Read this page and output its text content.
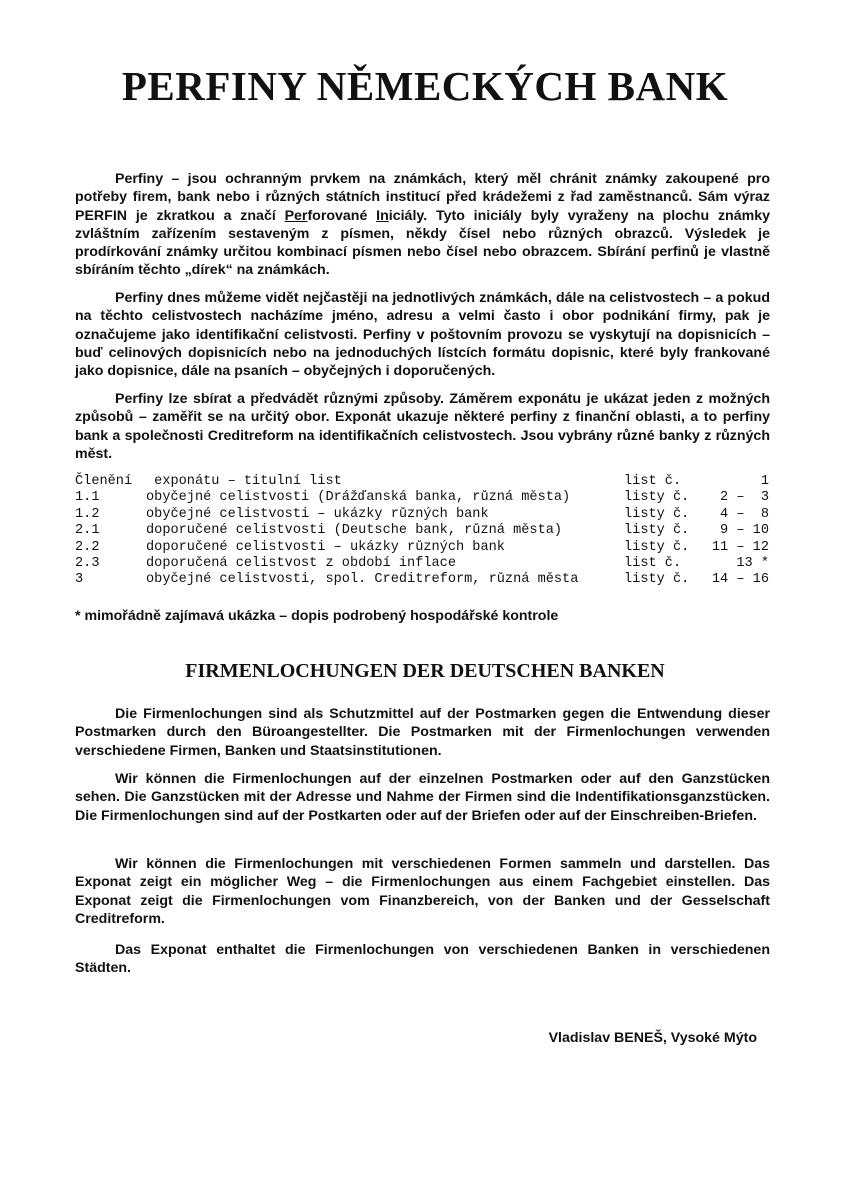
PERFINY NĚMECKÝCH BANK

Perfiny – jsou ochranným prvkem na známkách, který měl chránit známky zakoupené pro potřeby firem, bank nebo i různých státních institucí před krádežemi z řad zaměstnanců. Sám výraz PERFIN je zkratkou a značí Perforované Iniciály. Tyto iniciály byly vyraženy na plochu známky zvláštním zařízením sestaveným z písmen, někdy čísel nebo různých obrazců. Výsledek je prodírkování známky určitou kombinací písmen nebo čísel nebo obrazcem. Sbírání perfinů je vlastně sbíráním těchto „dírek“ na známkách.

Perfiny dnes můžeme vidět nejčastěji na jednotlivých známkách, dále na celistvostech – a pokud na těchto celistvostech nacházíme jméno, adresu a velmi často i obor podnikání firmy, pak je označujeme jako identifikační celistvosti. Perfiny v poštovním provozu se vyskytují na dopisnicích – buď celinových dopisnicích nebo na jednoduchých lístcích formátu dopisnic, které byly frankované jako dopisnice, dále na psaních – obyčejných i doporučených.

Perfiny lze sbírat a předvádět různými způsoby. Záměrem exponátu je ukázat jeden z možných způsobů – zaměřit se na určitý obor. Exponát ukazuje některé perfiny z finanční oblasti, a to perfiny bank a společnosti Creditreform na identifikačních celistvostech. Jsou vybrány různé banky z různých měst.

Členění	exponátu – titulní list	list č.	1
1.1	obyčejné celistvosti (Drážďanská banka, různá města)	listy č.	2 –  3
1.2	obyčejné celistvosti – ukázky různých bank	listy č.	4 –  8
2.1	doporučené celistvosti (Deutsche bank, různá města)	listy č.	9 – 10
2.2	doporučené celistvosti – ukázky různých bank	listy č.	11 – 12
2.3	doporučená celistvost z období inflace	list č.	13 *
3	obyčejné celistvosti, spol. Creditreform, různá města	listy č.	14 – 16

* mimořádně zajímavá ukázka – dopis podrobený hospodářské kontrole

FIRMENLOCHUNGEN DER DEUTSCHEN BANKEN

Die Firmenlochungen sind als Schutzmittel auf der Postmarken gegen die Entwendung dieser Postmarken durch den Büroangestellter. Die Postmarken mit der Firmenlochungen verwenden verschiedene Firmen, Banken und Staatsinstitutionen.

Wir können die Firmenlochungen auf der einzelnen Postmarken oder auf den Ganzstücken sehen. Die Ganzstücken mit der Adresse und Nahme der Firmen sind die Indentifikationsganzstücken. Die Firmenlochungen sind auf der Postkarten oder auf der Briefen oder auf der Einschreiben-Briefen.

Wir können die Firmenlochungen mit verschiedenen Formen sammeln und darstellen. Das Exponat zeigt ein möglicher Weg – die Firmenlochungen aus einem Fachgebiet einstellen. Das Exponat zeigt die Firmenlochungen vom Finanzbereich, von der Banken und der Gesselschaft Creditreform.

Das Exponat enthaltet die Firmenlochungen von verschiedenen Banken in verschiedenen Städten.

Vladislav BENEŠ, Vysoké Mýto
